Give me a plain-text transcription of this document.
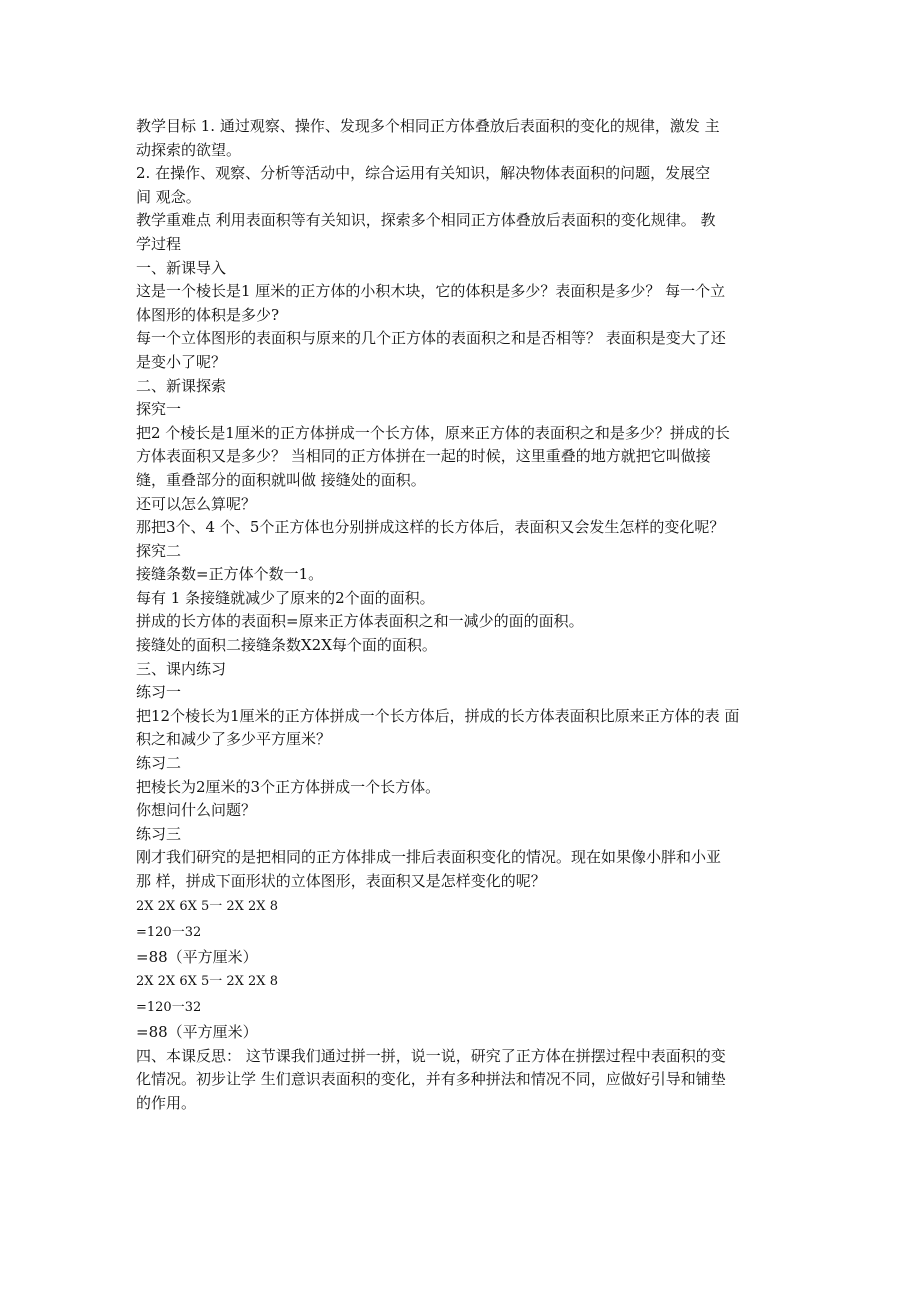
教学目标 1. 通过观察、操作、发现多个相同正方体叠放后表面积的变化的规律，激发 主
动探索的欲望。
2. 在操作、观察、分析等活动中，综合运用有关知识，解决物体表面积的问题，发展空
间 观念。
教学重难点 利用表面积等有关知识，探索多个相同正方体叠放后表面积的变化规律。 教
学过程
一、新课导入
这是一个棱长是1 厘米的正方体的小积木块，它的体积是多少？表面积是多少？ 每一个立
体图形的体积是多少?
每一个立体图形的表面积与原来的几个正方体的表面积之和是否相等？ 表面积是变大了还
是变小了呢？
二、新课探索
探究一
把2 个棱长是1厘米的正方体拼成一个长方体，原来正方体的表面积之和是多少？拼成的长
方体表面积又是多少？ 当相同的正方体拼在一起的时候，这里重叠的地方就把它叫做接
缝，重叠部分的面积就叫做 接缝处的面积。
还可以怎么算呢？
那把3个、4 个、5个正方体也分别拼成这样的长方体后，表面积又会发生怎样的变化呢？
探究二
接缝条数=正方体个数一1。
每有 1 条接缝就减少了原来的2个面的面积。
拼成的长方体的表面积=原来正方体表面积之和一减少的面的面积。
接缝处的面积二接缝条数X2X每个面的面积。
三、课内练习
练习一
把12个棱长为1厘米的正方体拼成一个长方体后，拼成的长方体表面积比原来正方体的表 面
积之和减少了多少平方厘米？
练习二
把棱长为2厘米的3个正方体拼成一个长方体。
你想问什么问题？
练习三
刚才我们研究的是把相同的正方体排成一排后表面积变化的情况。现在如果像小胖和小亚
那 样，拼成下面形状的立体图形，表面积又是怎样变化的呢？
2X 2X 6X 5一 2X 2X 8
=120一32
=88（平方厘米）
2X 2X 6X 5一 2X 2X 8
=120一32
=88（平方厘米）
四、本课反思： 这节课我们通过拼一拼，说一说，研究了正方体在拼摆过程中表面积的变
化情况。初步让学 生们意识表面积的变化，并有多种拼法和情况不同，应做好引导和铺垫
的作用。
